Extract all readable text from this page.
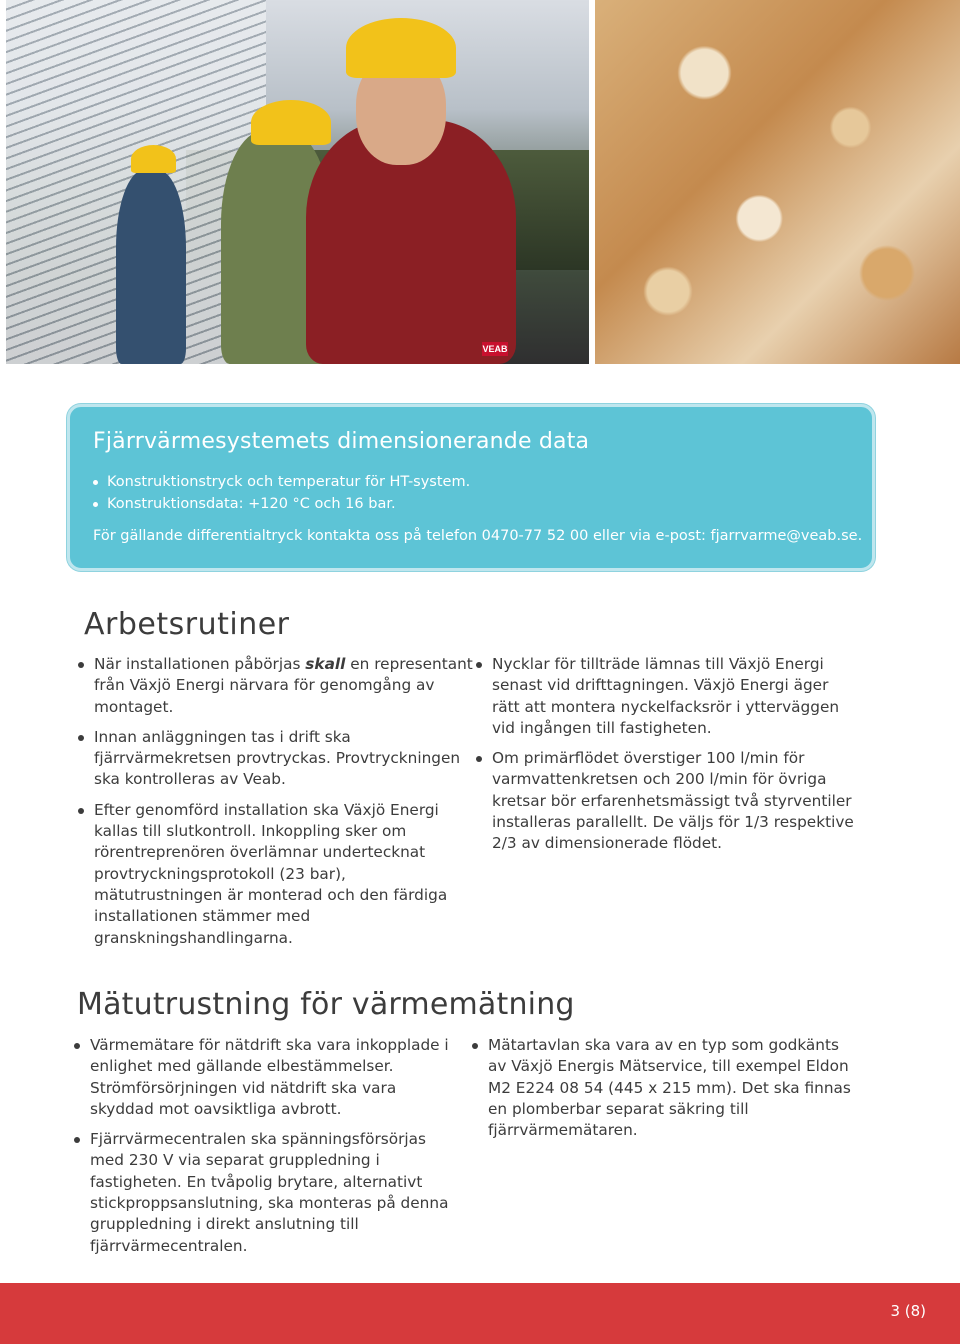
VEAB
Fjärrvärmesystemets dimensionerande data
Konstruktionstryck och temperatur för HT-system.
Konstruktionsdata: +120 °C och 16 bar.

För gällande differentialtryck kontakta oss på telefon 0470-77 52 00 eller via e-post: fjarrvarme@veab.se.

Arbetsrutiner
När installationen påbörjas skall en representant från Växjö Energi närvara för genomgång av montaget.
Innan anläggningen tas i drift ska fjärrvärmekretsen provtryckas. Provtryckningen ska kontrolleras av Veab.
Efter genomförd installation ska Växjö Energi kallas till slutkontroll. Inkoppling sker om rörentreprenören överlämnar undertecknat provtryckningsprotokoll (23 bar), mätutrustningen är monterad och den färdiga installationen stämmer med granskningshandlingarna.
Nycklar för tillträde lämnas till Växjö Energi senast vid drifttagningen. Växjö Energi äger rätt att montera nyckelfacksrör i ytterväggen vid ingången till fastigheten.
Om primärflödet överstiger 100 l/min för varmvattenkretsen och 200 l/min för övriga kretsar bör erfarenhetsmässigt två styrventiler installeras parallellt. De väljs för 1/3 respektive 2/3 av dimensionerade flödet.
Mätutrustning för värmemätning
Värmemätare för nätdrift ska vara inkopplade i enlighet med gällande elbestämmelser. Strömförsörjningen vid nätdrift ska vara skyddad mot oavsiktliga avbrott.
Fjärrvärmecentralen ska spänningsförsörjas med 230 V via separat gruppledning i fastigheten. En tvåpolig brytare, alternativt stickproppsanslutning, ska monteras på denna gruppledning i direkt anslutning till fjärrvärmecentralen.
Mätartavlan ska vara av en typ som godkänts av Växjö Energis Mätservice, till exempel Eldon M2 E224 08 54 (445 x 215 mm). Det ska finnas en plomberbar separat säkring till fjärrvärmemätaren.
3 (8)
